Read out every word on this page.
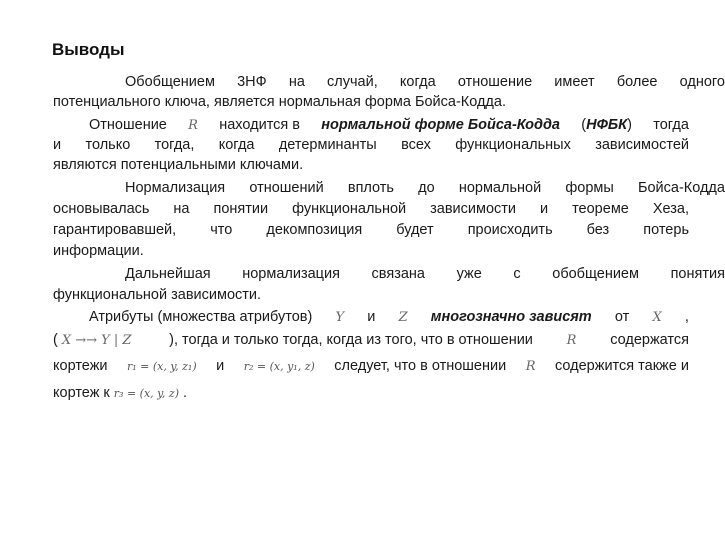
Выводы
Обобщением 3НФ на случай, когда отношение имеет более одного
потенциального ключа, является нормальная форма Бойса-Кодда.
Отношение R находится в нормальной форме Бойса-Кодда (НФБК) тогда
и только тогда, когда детерминанты всех функциональных зависимостей
являются потенциальными ключами.
Нормализация отношений вплоть до нормальной формы Бойса-Кодда
основывалась на понятии функциональной зависимости и теореме Хеза,
гарантировавшей, что декомпозиция будет происходить без потерь
информации.
Дальнейшая нормализация связана уже с обобщением понятия
функциональной зависимости.
Атрибуты (множества атрибутов) Y и Z многозначно зависят от X ,
( X →→ Y | Z	), тогда и только тогда, когда из того, что в отношении	R содержатся
кортежи r₁ = (x, y, z₁) и r₂ = (x, y₁, z) следует, что в отношении R содержится также и
кортеж к r₃ = (x, y, z) .
